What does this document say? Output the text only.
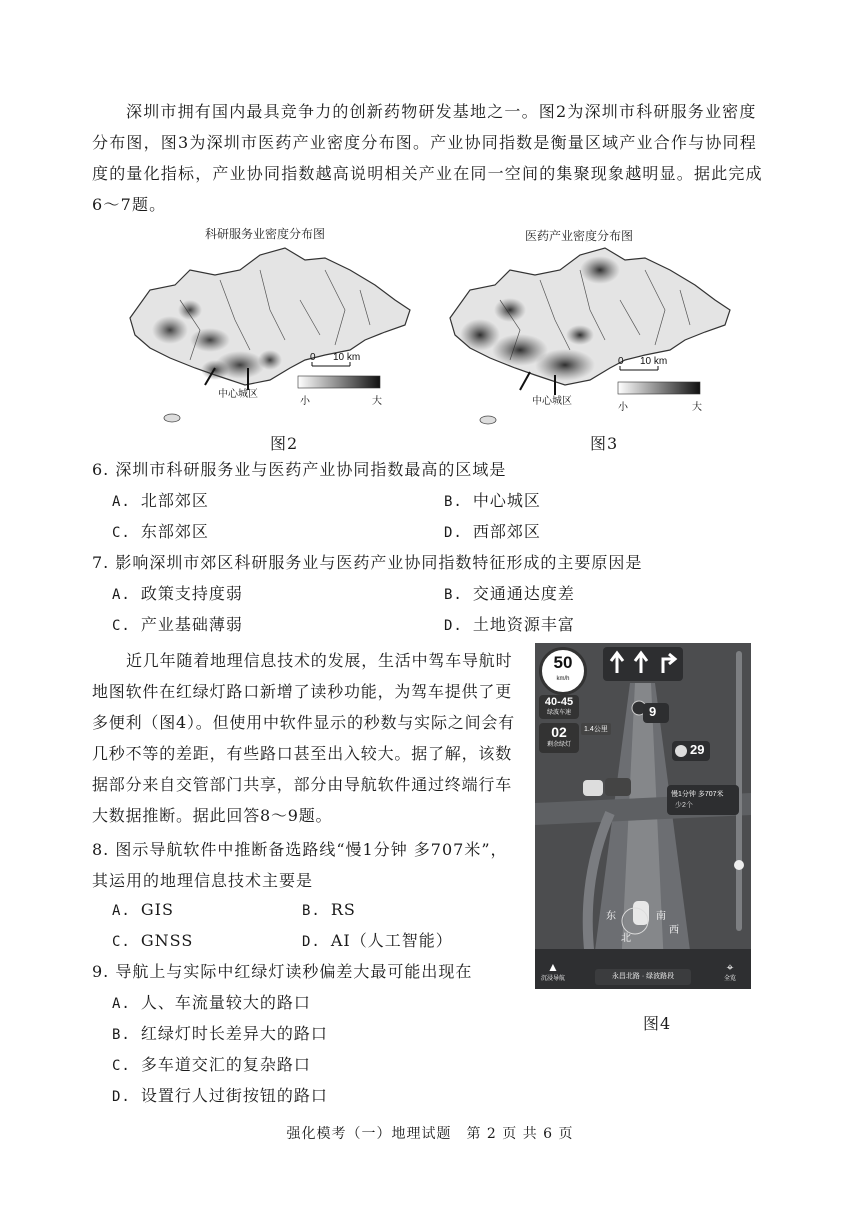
深圳市拥有国内最具竞争力的创新药物研发基地之一。图2为深圳市科研服务业密度分布图，图3为深圳市医药产业密度分布图。产业协同指数是衡量区域产业合作与协同程度的量化指标，产业协同指数越高说明相关产业在同一空间的集聚现象越明显。据此完成6～7题。
科研服务业密度分布图
0 10 km
中心城区
小	大
图2
医药产业密度分布图
0 10 km
中心城区
小	大
图3
6. 深圳市科研服务业与医药产业协同指数最高的区域是
A. 北部郊区	B. 中心城区
C. 东部郊区	D. 西部郊区
7. 影响深圳市郊区科研服务业与医药产业协同指数特征形成的主要原因是
A. 政策支持度弱	B. 交通通达度差
C. 产业基础薄弱	D. 土地资源丰富
近几年随着地理信息技术的发展，生活中驾车导航时地图软件在红绿灯路口新增了读秒功能，为驾车提供了更多便利（图4）。但使用中软件显示的秒数与实际之间会有几秒不等的差距，有些路口甚至出入较大。据了解，该数据部分来自交管部门共享，部分由导航软件通过终端行车大数据推断。据此回答8～9题。
8. 图示导航软件中推断备选路线“慢1分钟 多707米”，其运用的地理信息技术主要是
A. GIS	B. RS
C. GNSS	D. AI（人工智能）
9. 导航上与实际中红绿灯读秒偏差大最可能出现在
A. 人、车流量较大的路口
B. 红绿灯时长差异大的路口
C. 多车道交汇的复杂路口
D. 设置行人过街按钮的路口
50
km/h
40-45
绿波车速
02
剩余绿灯
1.4公里
9
29
慢1分钟 多707米
少2个
东
北
南
西
▲
沉浸导航	永昌北路 · 绿波路段
⌖
全览
图4
强化模考（一）地理试题　第 2 页 共 6 页
